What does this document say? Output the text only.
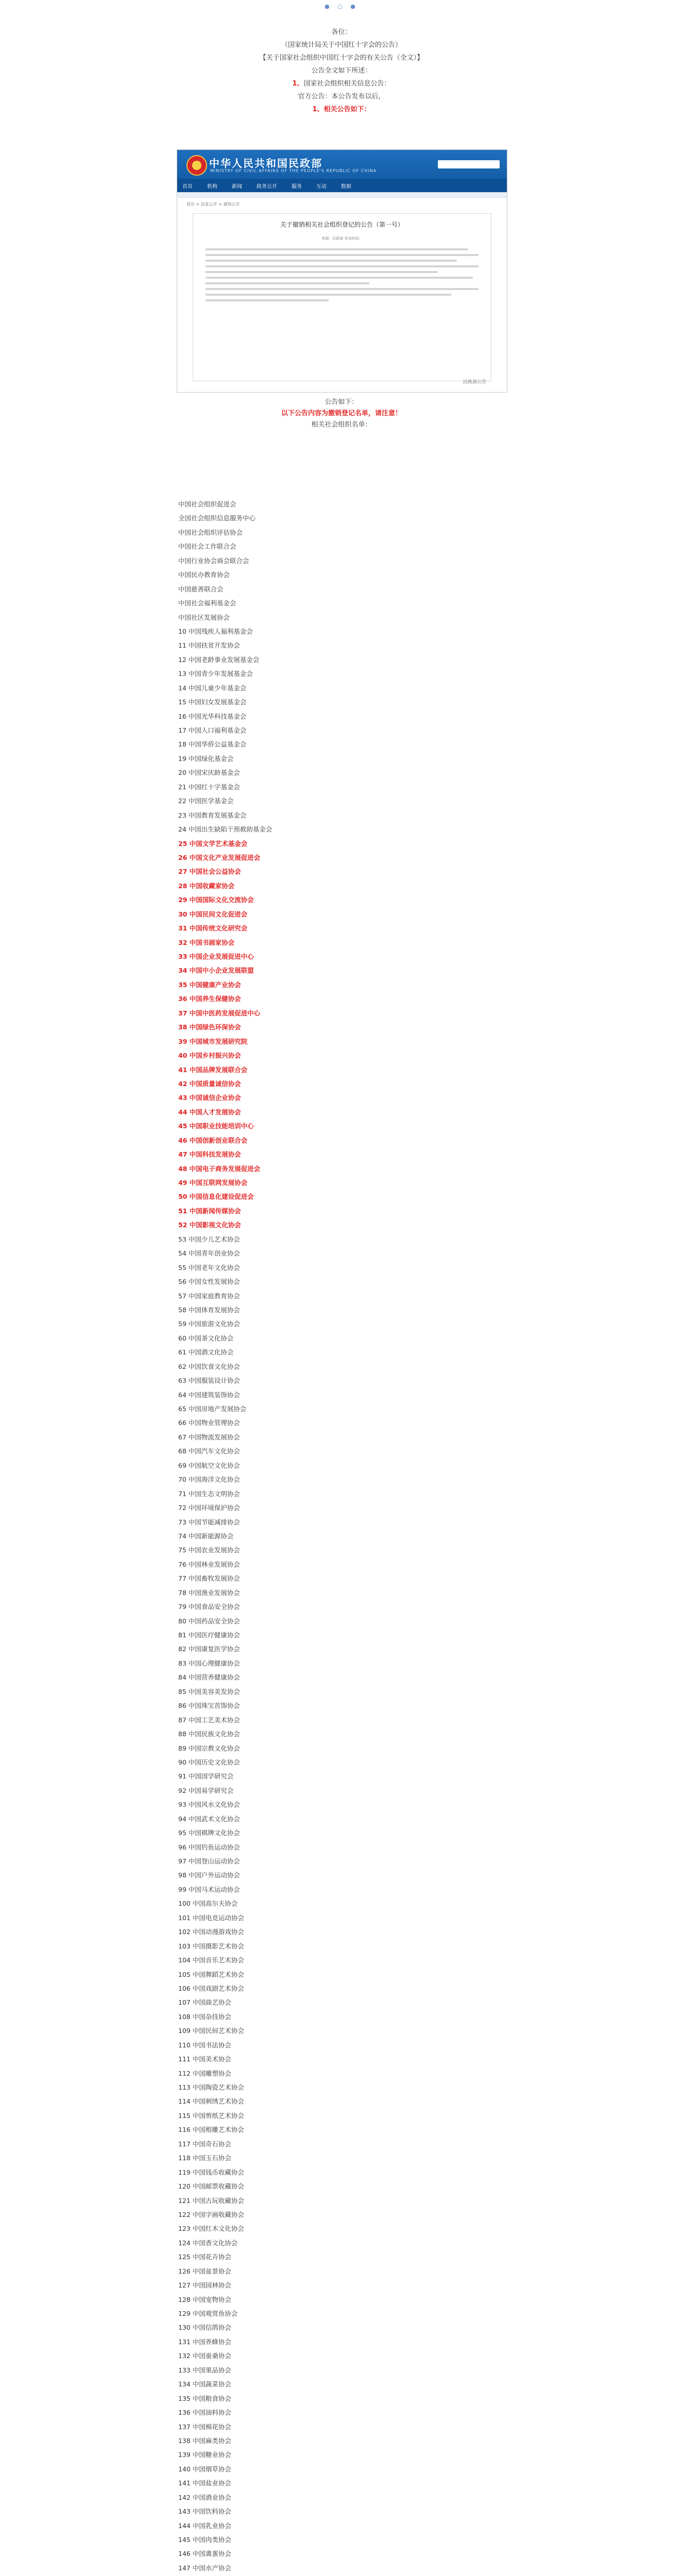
● ○ ●
各位：
（国家统计局关于中国红十字会的公告）
【关于国家社会组织中国红十字会的有关公告（全文）】
公告全文如下所述：
1、国家社会组织相关信息公告：
官方公告：本公告发布以后，
1、相关公告如下：
中华人民共和国民政部
MINISTRY OF CIVIL AFFAIRS OF THE PEOPLE'S REPUBLIC OF CHINA
首页	机构	新闻	政务公开	服务	互动	数据
首页 > 信息公开 > 通知公告
关于撤销相关社会组织登记的公告（第一号）
来源：民政部 发布时间：
民政部公告
公告如下：
以下公告内容为撤销登记名单，请注意！
相关社会组织名单：
中国社会组织促进会
全国社会组织信息服务中心
中国社会组织评估协会
中国社会工作联合会
中国行业协会商会联合会
中国民办教育协会
中国慈善联合会
中国社会福利基金会
中国社区发展协会
10 中国残疾人福利基金会
11 中国扶贫开发协会
12 中国老龄事业发展基金会
13 中国青少年发展基金会
14 中国儿童少年基金会
15 中国妇女发展基金会
16 中国光华科技基金会
17 中国人口福利基金会
18 中国华侨公益基金会
19 中国绿化基金会
20 中国宋庆龄基金会
21 中国红十字基金会
22 中国医学基金会
23 中国教育发展基金会
24 中国出生缺陷干预救助基金会
25 中国文学艺术基金会
26 中国文化产业发展促进会
27 中国社会公益协会
28 中国收藏家协会
29 中国国际文化交流协会
30 中国民间文化促进会
31 中国传统文化研究会
32 中国书画家协会
33 中国企业发展促进中心
34 中国中小企业发展联盟
35 中国健康产业协会
36 中国养生保健协会
37 中国中医药发展促进中心
38 中国绿色环保协会
39 中国城市发展研究院
40 中国乡村振兴协会
41 中国品牌发展联合会
42 中国质量诚信协会
43 中国诚信企业协会
44 中国人才发展协会
45 中国职业技能培训中心
46 中国创新创业联合会
47 中国科技发展协会
48 中国电子商务发展促进会
49 中国互联网发展协会
50 中国信息化建设促进会
51 中国新闻传媒协会
52 中国影视文化协会
53 中国少儿艺术协会
54 中国青年创业协会
55 中国老年文化协会
56 中国女性发展协会
57 中国家庭教育协会
58 中国体育发展协会
59 中国旅游文化协会
60 中国茶文化协会
61 中国酒文化协会
62 中国饮食文化协会
63 中国服装设计协会
64 中国建筑装饰协会
65 中国房地产发展协会
66 中国物业管理协会
67 中国物流发展协会
68 中国汽车文化协会
69 中国航空文化协会
70 中国海洋文化协会
71 中国生态文明协会
72 中国环境保护协会
73 中国节能减排协会
74 中国新能源协会
75 中国农业发展协会
76 中国林业发展协会
77 中国畜牧发展协会
78 中国渔业发展协会
79 中国食品安全协会
80 中国药品安全协会
81 中国医疗健康协会
82 中国康复医学协会
83 中国心理健康协会
84 中国营养健康协会
85 中国美容美发协会
86 中国珠宝首饰协会
87 中国工艺美术协会
88 中国民族文化协会
89 中国宗教文化协会
90 中国历史文化协会
91 中国国学研究会
92 中国易学研究会
93 中国风水文化协会
94 中国武术文化协会
95 中国棋牌文化协会
96 中国钓鱼运动协会
97 中国登山运动协会
98 中国户外运动协会
99 中国马术运动协会
100 中国高尔夫协会
101 中国电竞运动协会
102 中国动漫游戏协会
103 中国摄影艺术协会
104 中国音乐艺术协会
105 中国舞蹈艺术协会
106 中国戏剧艺术协会
107 中国曲艺协会
108 中国杂技协会
109 中国民间艺术协会
110 中国书法协会
111 中国美术协会
112 中国雕塑协会
113 中国陶瓷艺术协会
114 中国刺绣艺术协会
115 中国剪纸艺术协会
116 中国根雕艺术协会
117 中国奇石协会
118 中国玉石协会
119 中国钱币收藏协会
120 中国邮票收藏协会
121 中国古玩收藏协会
122 中国字画收藏协会
123 中国红木文化协会
124 中国香文化协会
125 中国花卉协会
126 中国盆景协会
127 中国园林协会
128 中国宠物协会
129 中国观赏鱼协会
130 中国信鸽协会
131 中国养蜂协会
132 中国蚕桑协会
133 中国果品协会
134 中国蔬菜协会
135 中国粮食协会
136 中国油料协会
137 中国棉花协会
138 中国麻类协会
139 中国糖业协会
140 中国烟草协会
141 中国盐业协会
142 中国酒业协会
143 中国饮料协会
144 中国乳业协会
145 中国肉类协会
146 中国禽蛋协会
147 中国水产协会
